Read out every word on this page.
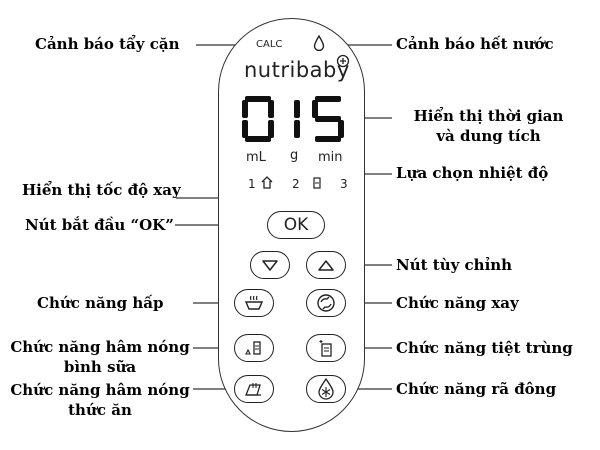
CALC
nutribaby
mL g min
1	2	3
OK
Cảnh báo tẩy cặn	Cảnh báo hết nước
Hiển thị thời gian
và dung tích
Lựa chọn nhiệt độ
Hiển thị tốc độ xay
Nút bắt đầu “OK”
Nút tùy chỉnh
Chức năng hấp	Chức năng xay
Chức năng hâm nóng
bình sữa
Chức năng tiệt trùng
Chức năng hâm nóng
thức ăn
Chức năng rã đông
